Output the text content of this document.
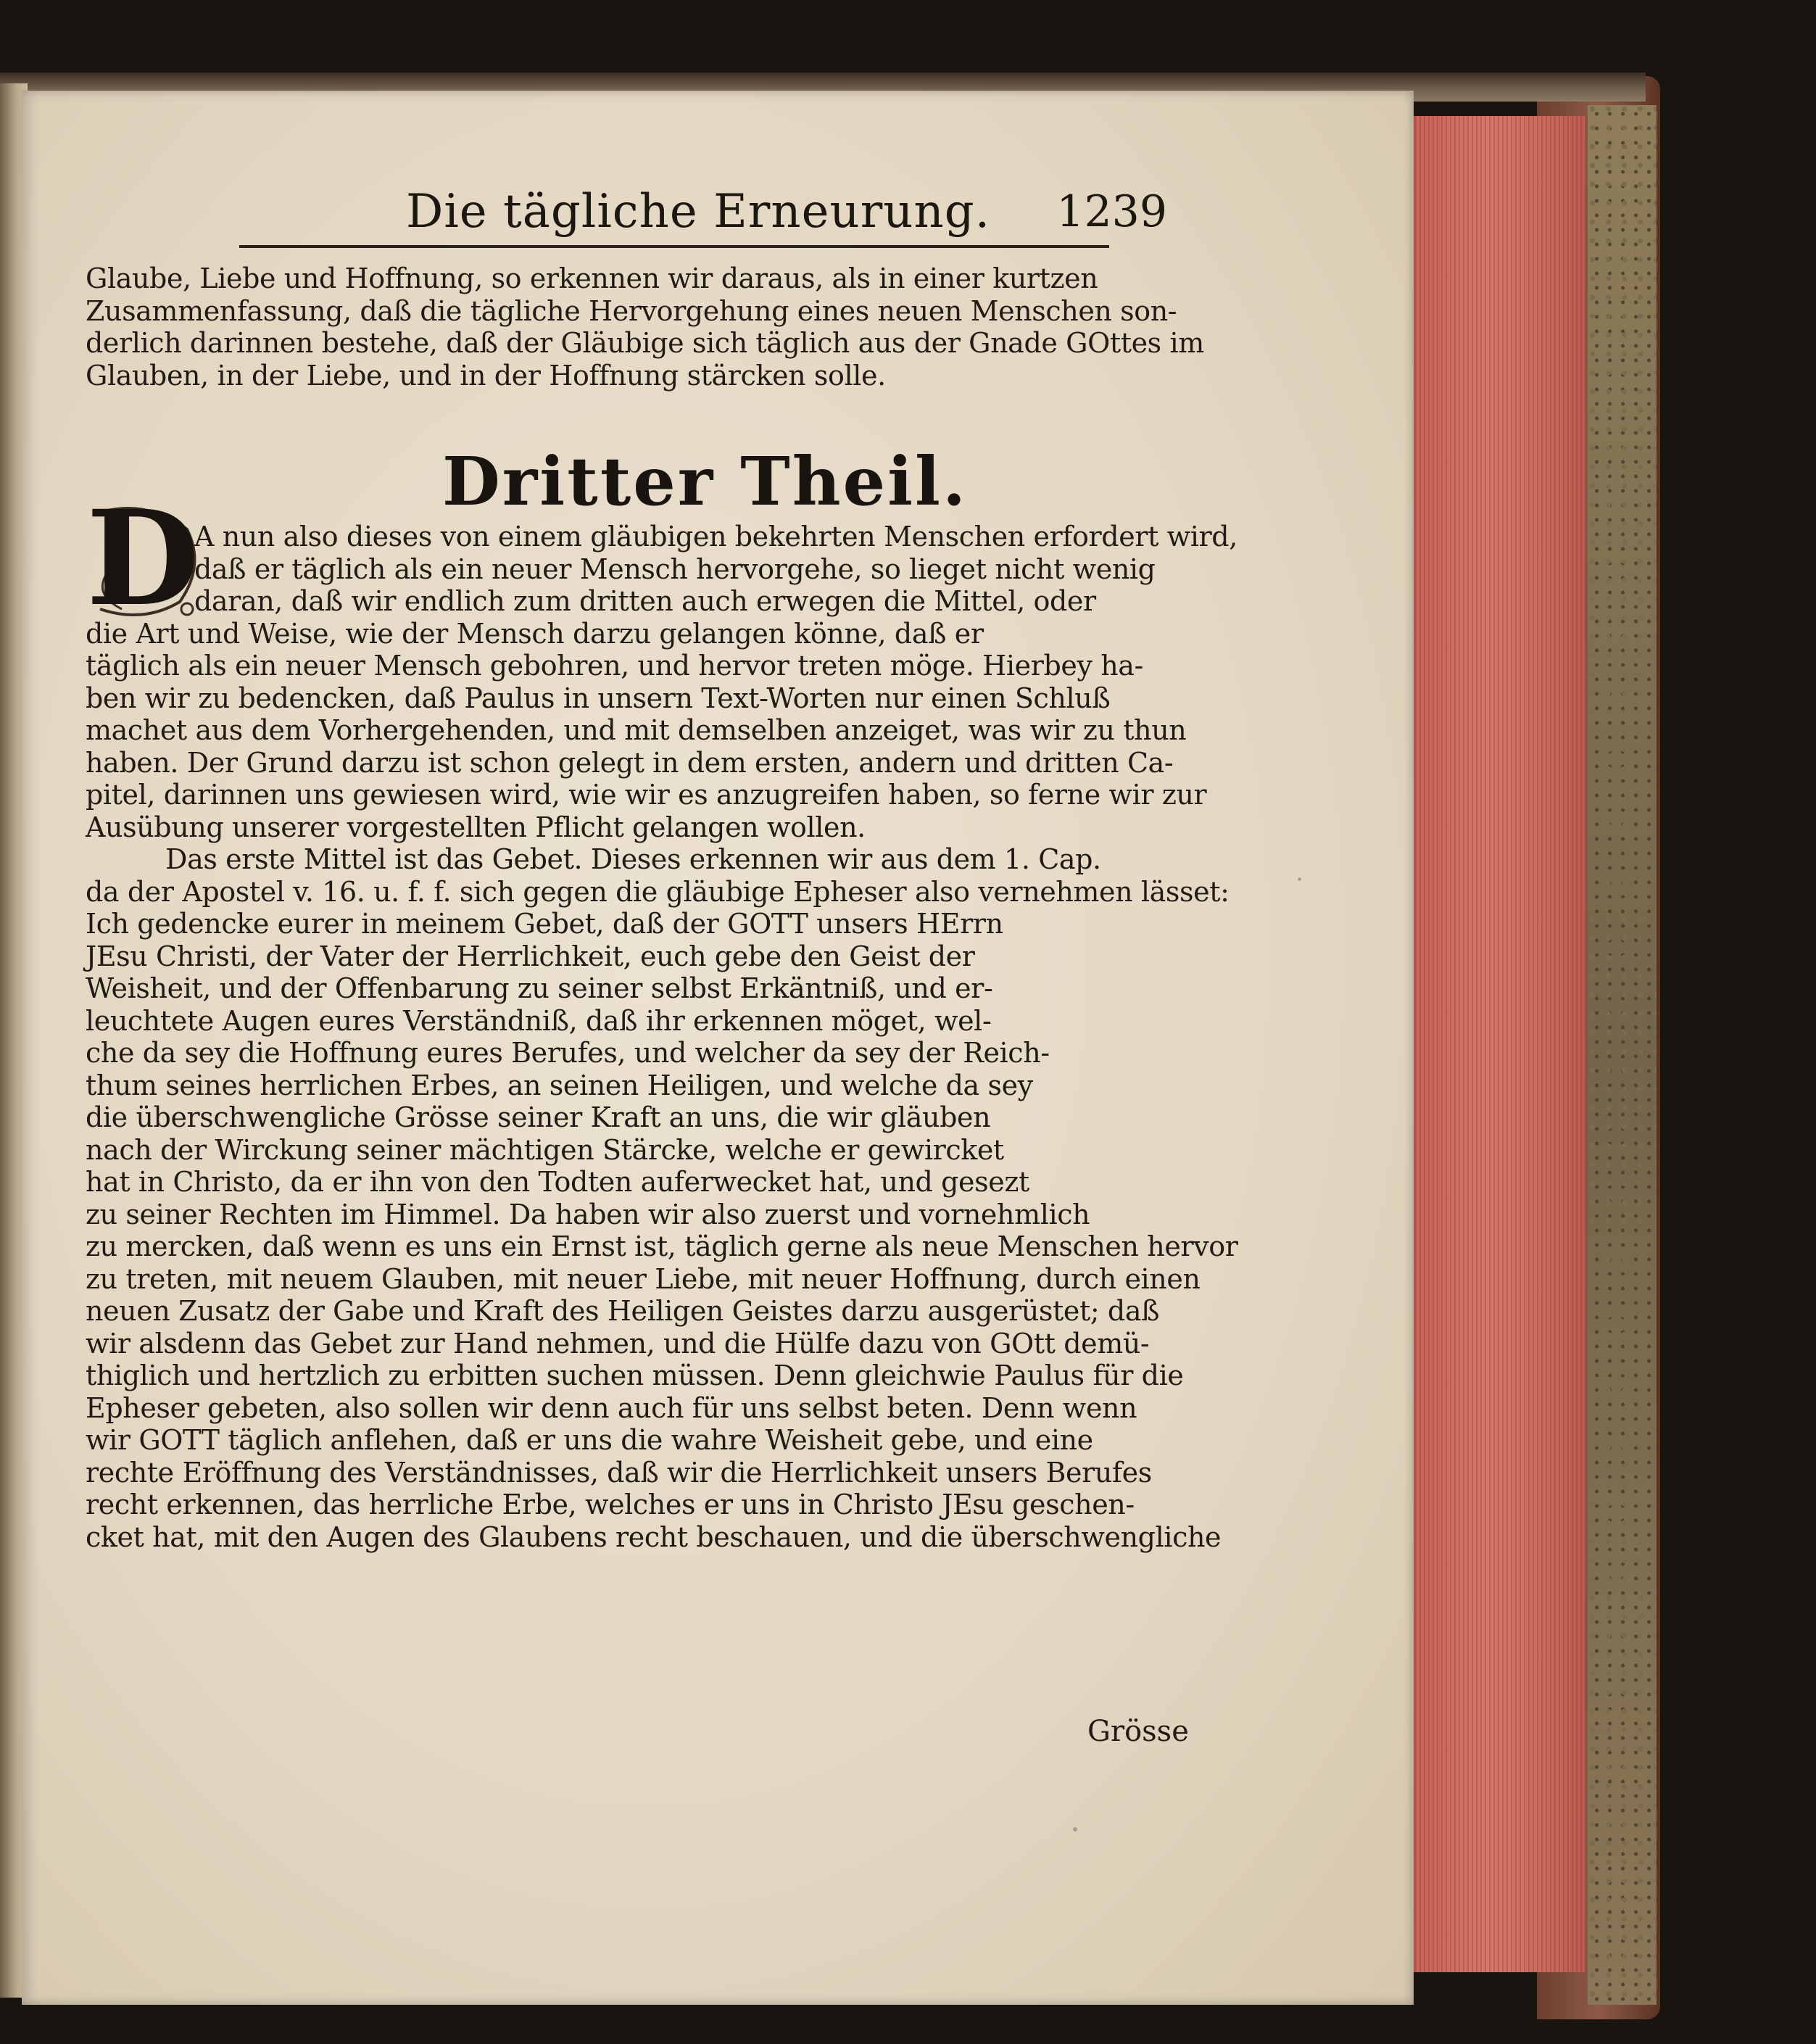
Die tägliche Erneurung. 1239
Glaube, Liebe und Hoffnung, so erkennen wir daraus, als in einer kurtzen
Zusammenfassung, daß die tägliche Hervorgehung eines neuen Menschen son-
derlich darinnen bestehe, daß der Gläubige sich täglich aus der Gnade GOttes im
Glauben, in der Liebe, und in der Hoffnung stärcken solle.
Dritter Theil.
D
A nun also dieses von einem gläubigen bekehrten Menschen erfordert wird,
daß er täglich als ein neuer Mensch hervorgehe, so lieget nicht wenig
daran, daß wir endlich zum dritten auch erwegen die Mittel, oder
die Art und Weise, wie der Mensch darzu gelangen könne, daß er
täglich als ein neuer Mensch gebohren, und hervor treten möge. Hierbey ha-
ben wir zu bedencken, daß Paulus in unsern Text-Worten nur einen Schluß
machet aus dem Vorhergehenden, und mit demselben anzeiget, was wir zu thun
haben. Der Grund darzu ist schon gelegt in dem ersten, andern und dritten Ca-
pitel, darinnen uns gewiesen wird, wie wir es anzugreifen haben, so ferne wir zur
Ausübung unserer vorgestellten Pflicht gelangen wollen.
Das erste Mittel ist das Gebet. Dieses erkennen wir aus dem 1. Cap.
da der Apostel v. 16. u. f. f. sich gegen die gläubige Epheser also vernehmen lässet:
Ich gedencke eurer in meinem Gebet, daß der GOTT unsers HErrn
JEsu Christi, der Vater der Herrlichkeit, euch gebe den Geist der
Weisheit, und der Offenbarung zu seiner selbst Erkäntniß, und er-
leuchtete Augen eures Verständniß, daß ihr erkennen möget, wel-
che da sey die Hoffnung eures Berufes, und welcher da sey der Reich-
thum seines herrlichen Erbes, an seinen Heiligen, und welche da sey
die überschwengliche Grösse seiner Kraft an uns, die wir gläuben
nach der Wirckung seiner mächtigen Stärcke, welche er gewircket
hat in Christo, da er ihn von den Todten auferwecket hat, und gesezt
zu seiner Rechten im Himmel. Da haben wir also zuerst und vornehmlich
zu mercken, daß wenn es uns ein Ernst ist, täglich gerne als neue Menschen hervor
zu treten, mit neuem Glauben, mit neuer Liebe, mit neuer Hoffnung, durch einen
neuen Zusatz der Gabe und Kraft des Heiligen Geistes darzu ausgerüstet; daß
wir alsdenn das Gebet zur Hand nehmen, und die Hülfe dazu von GOtt demü-
thiglich und hertzlich zu erbitten suchen müssen. Denn gleichwie Paulus für die
Epheser gebeten, also sollen wir denn auch für uns selbst beten. Denn wenn
wir GOTT täglich anflehen, daß er uns die wahre Weisheit gebe, und eine
rechte Eröffnung des Verständnisses, daß wir die Herrlichkeit unsers Berufes
recht erkennen, das herrliche Erbe, welches er uns in Christo JEsu geschen-
cket hat, mit den Augen des Glaubens recht beschauen, und die überschwengliche
Grösse
